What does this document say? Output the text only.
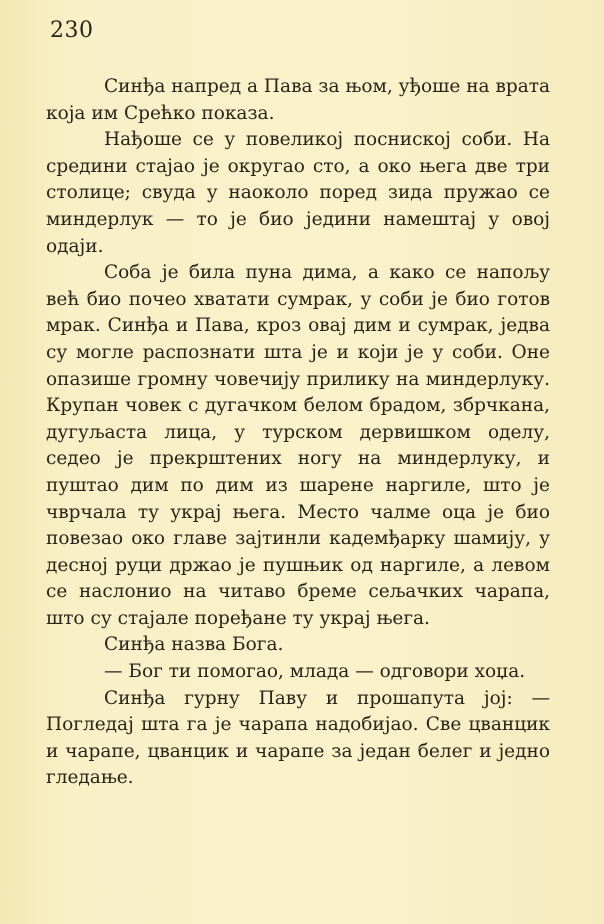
230

Синђа напред а Пава за њом, уђоше на врата која им Срећко показа.

Нађоше се у повеликој посниској соби. На средини стајао је округао сто, а око њега две три столице; свуда у наоколо поред зида пружао се миндерлук — то је био једини намештај у овој одаји.

Соба је била пуна дима, а како се напољу већ био почео хватати сумрак, у соби је био готов мрак. Синђа и Пава, кроз овај дим и сумрак, једва су могле распознати шта је и који је у соби. Оне опазише громну човечију прилику на миндерлуку. Крупан човек с дугачком белом брадом, збрчкана, дугуљаста лица, у турском дервишком оделу, седео је прекрштених ногу на миндерлуку, и пуштао дим по дим из шарене наргиле, што је чврчала ту украј њега. Место чалме оца је био повезао око главе зајтинли кадемђарку шамију, у десној руци држао је пушњик од наргиле, а левом се наслонио на читаво бреме сељачких чарапа, што су стајале поређане ту украј њега.

Синђа назва Бога.

— Бог ти помогао, млада — одговори хоџа.

Синђа гурну Паву и прошапута јој: — Погледај шта га је чарапа надобијао. Све цванцик и чарапе, цванцик и чарапе за један белег и једно гледање.
